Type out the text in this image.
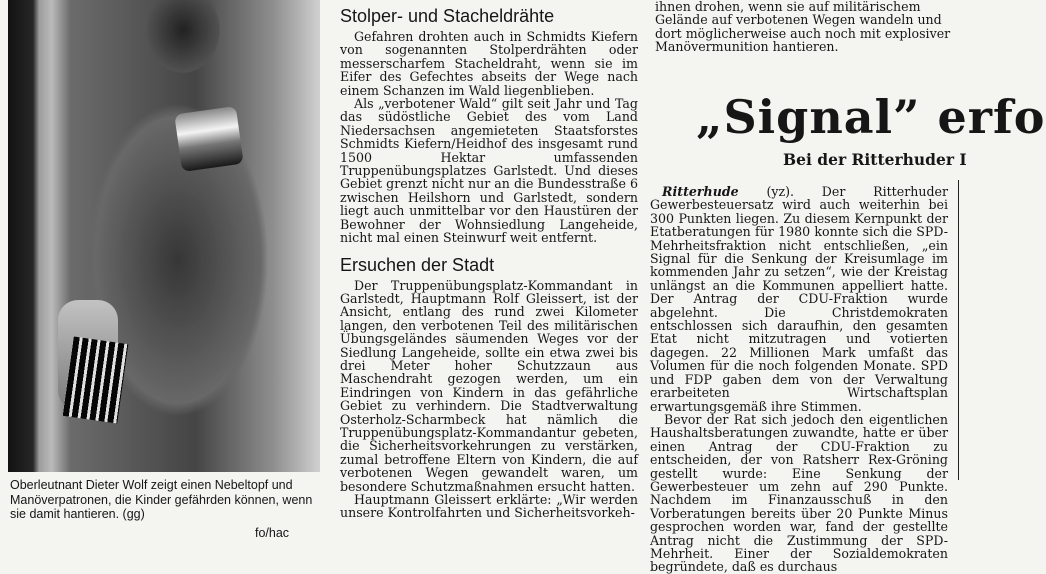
Oberleutnant Dieter Wolf zeigt einen Nebeltopf und Manöverpatronen, die Kinder gefährden können, wenn sie damit hantieren. (gg)

fo/hac

Stolper- und Stacheldrähte

Gefahren drohten auch in Schmidts Kiefern von sogenannten Stolperdrähten oder messerscharfem Stacheldraht, wenn sie im Eifer des Gefechtes abseits der Wege nach einem Schanzen im Wald liegenblieben.

Als „verbotener Wald“ gilt seit Jahr und Tag das südöstliche Gebiet des vom Land Niedersachsen angemieteten Staatsforstes Schmidts Kiefern/Heidhof des insgesamt rund 1500 Hektar umfassenden Truppenübungsplatzes Garlstedt. Und dieses Gebiet grenzt nicht nur an die Bundesstraße 6 zwischen Heilshorn und Garlstedt, sondern liegt auch unmittelbar vor den Haustüren der Bewohner der Wohnsiedlung Langeheide, nicht mal einen Steinwurf weit entfernt.

Ersuchen der Stadt

Der Truppenübungsplatz-Kommandant in Garlstedt, Hauptmann Rolf Gleissert, ist der Ansicht, entlang des rund zwei Kilometer langen, den verbotenen Teil des militärischen Übungsgeländes säumenden Weges vor der Siedlung Langeheide, sollte ein etwa zwei bis drei Meter hoher Schutzzaun aus Maschendraht gezogen werden, um ein Eindringen von Kindern in das gefährliche Gebiet zu verhindern. Die Stadtverwaltung Osterholz-Scharmbeck hat nämlich die Truppenübungsplatz-Kommandantur gebeten, die Sicherheitsvorkehrungen zu verstärken, zumal betroffene Eltern von Kindern, die auf verbotenen Wegen gewandelt waren, um besondere Schutzmaßnahmen ersucht hatten.

Hauptmann Gleissert erklärte: „Wir werden unsere Kontrolfahrten und Sicherheitsvorkeh-

ihnen drohen, wenn sie auf militärischem Gelände auf verbotenen Wegen wandeln und dort möglicherweise auch noch mit explosiver Manövermunition hantieren.

„Signal” erfo
Bei der Ritterhuder I

Ritterhude (yz). Der Ritterhuder Gewerbesteuersatz wird auch weiterhin bei 300 Punkten liegen. Zu diesem Kernpunkt der Etatberatungen für 1980 konnte sich die SPD-Mehrheitsfraktion nicht entschließen, „ein Signal für die Senkung der Kreisumlage im kommenden Jahr zu setzen“, wie der Kreistag unlängst an die Kommunen appelliert hatte. Der Antrag der CDU-Fraktion wurde abgelehnt. Die Christdemokraten entschlossen sich daraufhin, den gesamten Etat nicht mitzutragen und votierten dagegen. 22 Millionen Mark umfaßt das Volumen für die noch folgenden Monate. SPD und FDP gaben dem von der Verwaltung erarbeiteten Wirtschaftsplan erwartungsgemäß ihre Stimmen.

Bevor der Rat sich jedoch den eigentlichen Haushaltsberatungen zuwandte, hatte er über einen Antrag der CDU-Fraktion zu entscheiden, der von Ratsherr Rex-Gröning gestellt wurde: Eine Senkung der Gewerbesteuer um zehn auf 290 Punkte. Nachdem im Finanzausschuß in den Vorberatungen bereits über 20 Punkte Minus gesprochen worden war, fand der gestellte Antrag nicht die Zustimmung der SPD-Mehrheit. Einer der Sozialdemokraten begründete, daß es durchaus
